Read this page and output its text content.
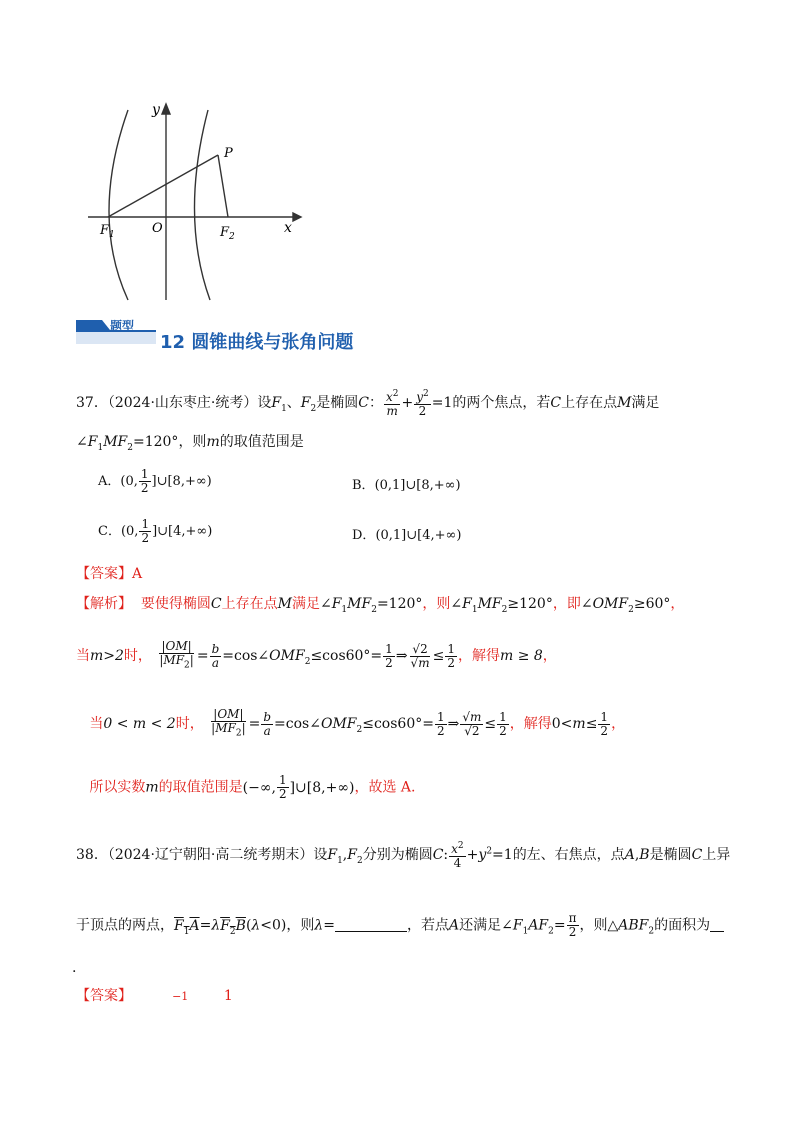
y
x
P
O
$F_1$	$F_2$
题型
12 圆锥曲线与张角问题
37．（2024·山东枣庄·统考）设$F_1$、$F_2$是椭圆C： $\frac{x^2}{m} + \frac{y^2}{2} =1$的两个焦点，若C上存在点M满足
$\angle F_1MF_2=120^\circ$，则m的取值范围是
A．(0, $\frac{1}{2}$ ]∪[8,+∞)	B．(0,1]∪[8,+∞)
C．(0, $\frac{1}{2}$ ]∪[4,+∞)	D．(0,1]∪[4,+∞)
【答案】A
【解析】 要使得椭圆C上存在点M满足$\angle F_1MF_2=120^\circ$，则$\angle F_1MF_2\ge 120^\circ$，即$\angle OMF_2\ge 60^\circ$，
当m>2时， $\frac{|OM|}{|MF_2|} = \frac{b}{a}$ $=\cos\angle OMF_2\le\cos 60^\circ= \frac{1}{2}$ ⇒ $\frac{√2}{√m} \le \frac{1}{2}$ ，解得m ≥ 8，
当0 < m < 2时， $\frac{|OM|}{|MF_2|} = \frac{b}{a}$ $=\cos\angle OMF_2\le\cos 60^\circ= \frac{1}{2}$ ⇒ $\frac{√m}{√2} \le \frac{1}{2}$ ，解得$0<m\le \frac{1}{2}$ ，
所以实数m的取值范围是(−∞, $\frac{1}{2}$ ]∪[8,+∞)，故选 A.
38．（2024·辽宁朝阳·高二统考期末）设$F_1,F_2$分别为椭圆C: $\frac{x^2}{4} +y^2=1$的左、右焦点，点A,B是椭圆C上异
于顶点的两点，$F_1A=\lambda F_2B(\lambda<0)$，则λ=	，若点A还满足$\angle F_1AF_2= \frac{\pi}{2}$ ，则$\triangle ABF_2$的面积为
.
【答案】	−1	1
